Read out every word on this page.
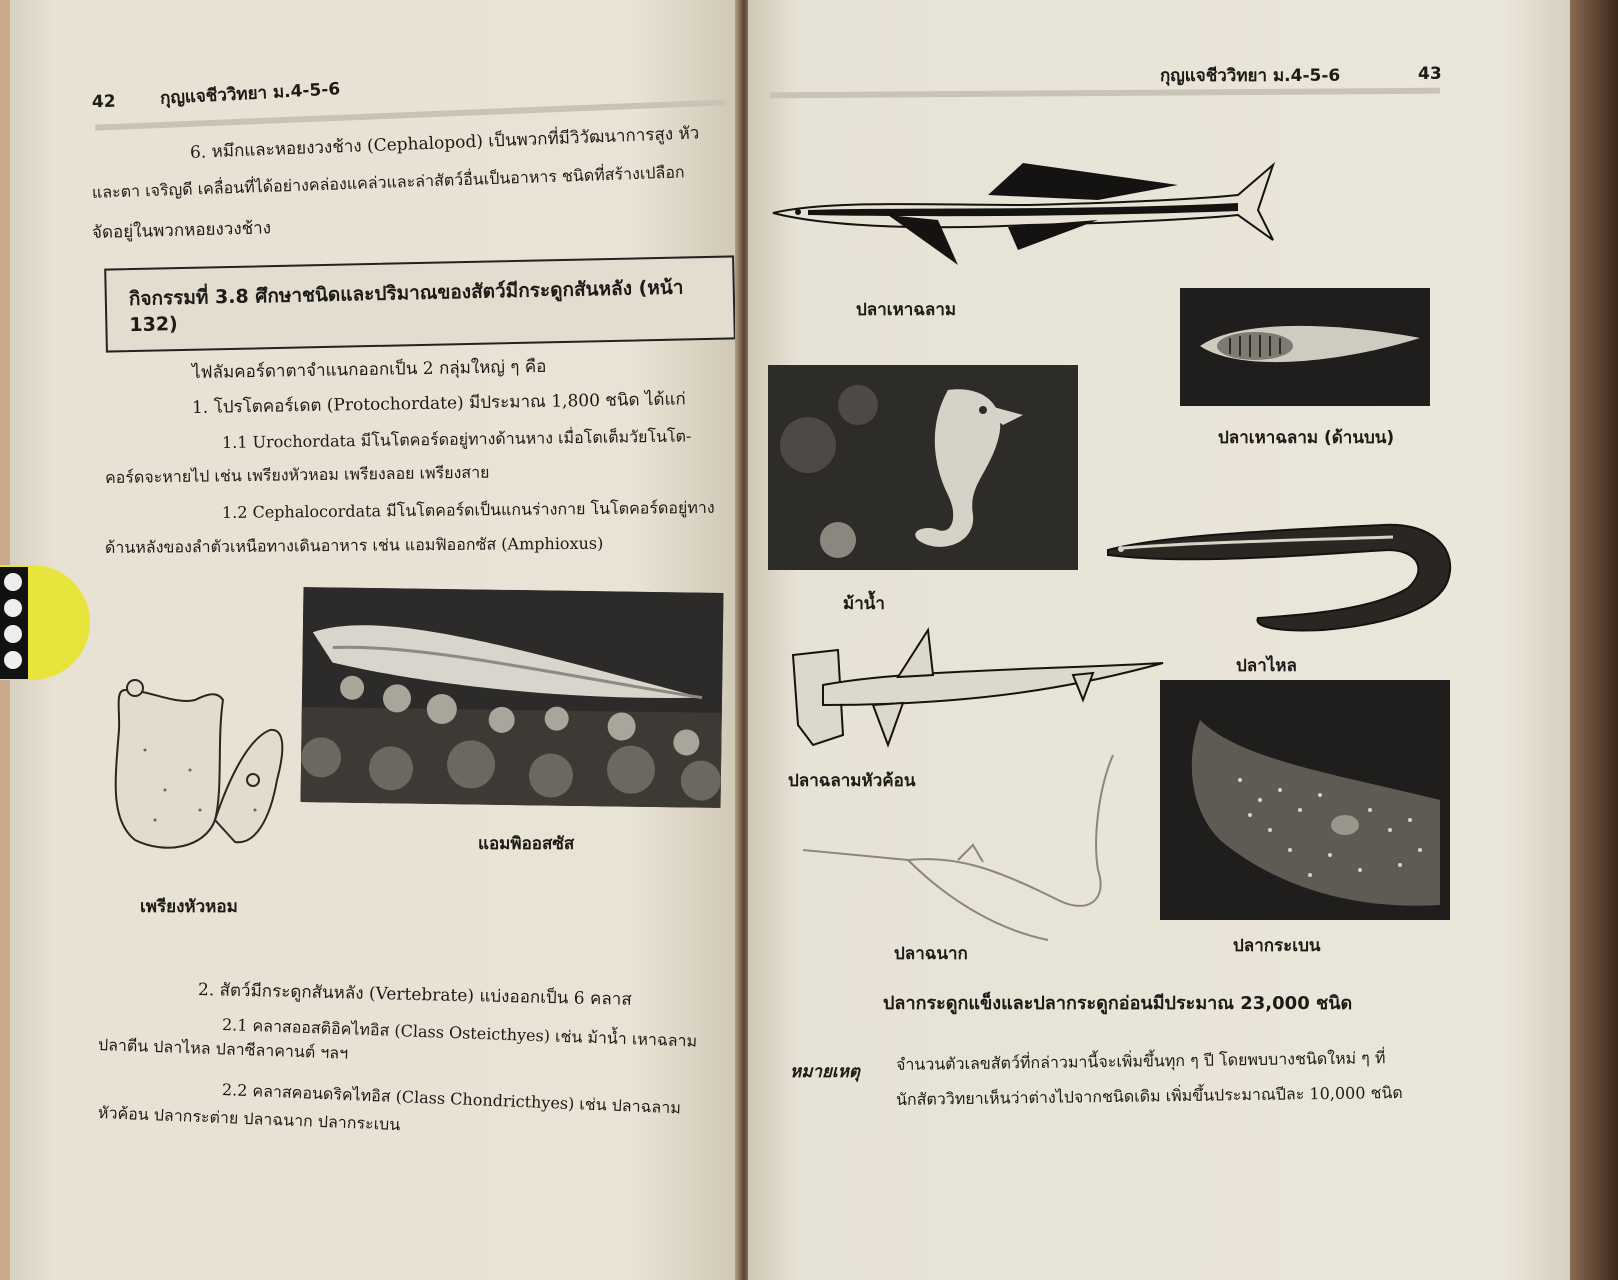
42	กุญแจชีววิทยา ม.4-5-6
6. หมึกและหอยงวงช้าง (Cephalopod) เป็นพวกที่มีวิวัฒนาการสูง หัว
และตา เจริญดี เคลื่อนที่ได้อย่างคล่องแคล่วและล่าสัตว์อื่นเป็นอาหาร ชนิดที่สร้างเปลือก
จัดอยู่ในพวกหอยงวงช้าง
กิจกรรมที่ 3.8 ศึกษาชนิดและปริมาณของสัตว์มีกระดูกสันหลัง (หน้า 132)
ไฟลัมคอร์ดาตาจำแนกออกเป็น 2 กลุ่มใหญ่ ๆ คือ
1. โปรโตคอร์เดต (Protochordate) มีประมาณ 1,800 ชนิด ได้แก่
1.1 Urochordata มีโนโตคอร์ดอยู่ทางด้านหาง เมื่อโตเต็มวัยโนโต-
คอร์ดจะหายไป เช่น เพรียงหัวหอม เพรียงลอย เพรียงสาย
1.2 Cephalocordata มีโนโตคอร์ดเป็นแกนร่างกาย โนโตคอร์ดอยู่ทาง
ด้านหลังของลำตัวเหนือทางเดินอาหาร เช่น แอมฟิออกซัส (Amphioxus)
แอมพิออสซัส
เพรียงหัวหอม
2. สัตว์มีกระดูกสันหลัง (Vertebrate) แบ่งออกเป็น 6 คลาส
2.1 คลาสออสติอิคไทอิส (Class Osteicthyes) เช่น ม้าน้ำ เหาฉลาม
ปลาตีน ปลาไหล ปลาซีลาคานต์ ฯลฯ
2.2 คลาสคอนดริคไทอิส (Class Chondricthyes) เช่น ปลาฉลาม
หัวค้อน ปลากระต่าย ปลาฉนาก ปลากระเบน
กุญแจชีววิทยา ม.4-5-6	43
ปลาเหาฉลาม
ปลาเหาฉลาม (ด้านบน)
ม้าน้ำ
ปลาไหล
ปลาฉลามหัวค้อน
ปลาฉนาก	ปลากระเบน
ปลากระดูกแข็งและปลากระดูกอ่อนมีประมาณ 23,000 ชนิด
หมายเหตุ จำนวนตัวเลขสัตว์ที่กล่าวมานี้จะเพิ่มขึ้นทุก ๆ ปี โดยพบบางชนิดใหม่ ๆ ที่
นักสัตววิทยาเห็นว่าต่างไปจากชนิดเดิม เพิ่มขึ้นประมาณปีละ 10,000 ชนิด
